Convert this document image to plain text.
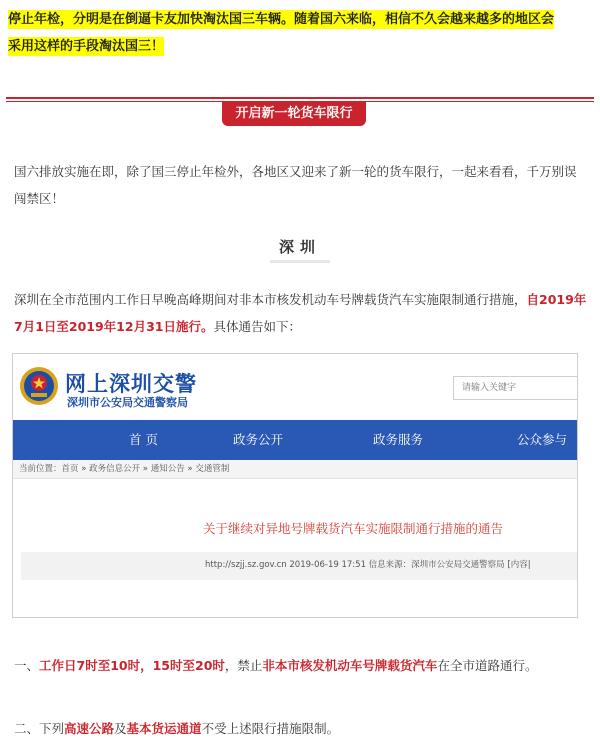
停止年检，分明是在倒逼卡友加快淘汰国三车辆。随着国六来临，相信不久会越来越多的地区会
采用这样的手段淘汰国三！
开启新一轮货车限行
国六排放实施在即，除了国三停止年检外，各地区又迎来了新一轮的货车限行，一起来看看，千万别误闯禁区！
深圳
深圳在全市范围内工作日早晚高峰期间对非本市核发机动车号牌载货汽车实施限制通行措施，自2019年7月1日至2019年12月31日施行。具体通告如下：
网上深圳交警
深圳市公安局交通警察局
请输入关键字
首 页	政务公开	政务服务	公众参与
当前位置：首页 » 政务信息公开 » 通知公告 » 交通管制
关于继续对异地号牌载货汽车实施限制通行措施的通告
http://szjj.sz.gov.cn 2019-06-19 17:51 信息来源：深圳市公安局交通警察局 [内容|
一、工作日7时至10时，15时至20时，禁止非本市核发机动车号牌载货汽车在全市道路通行。
二、下列高速公路及基本货运通道不受上述限行措施限制。
